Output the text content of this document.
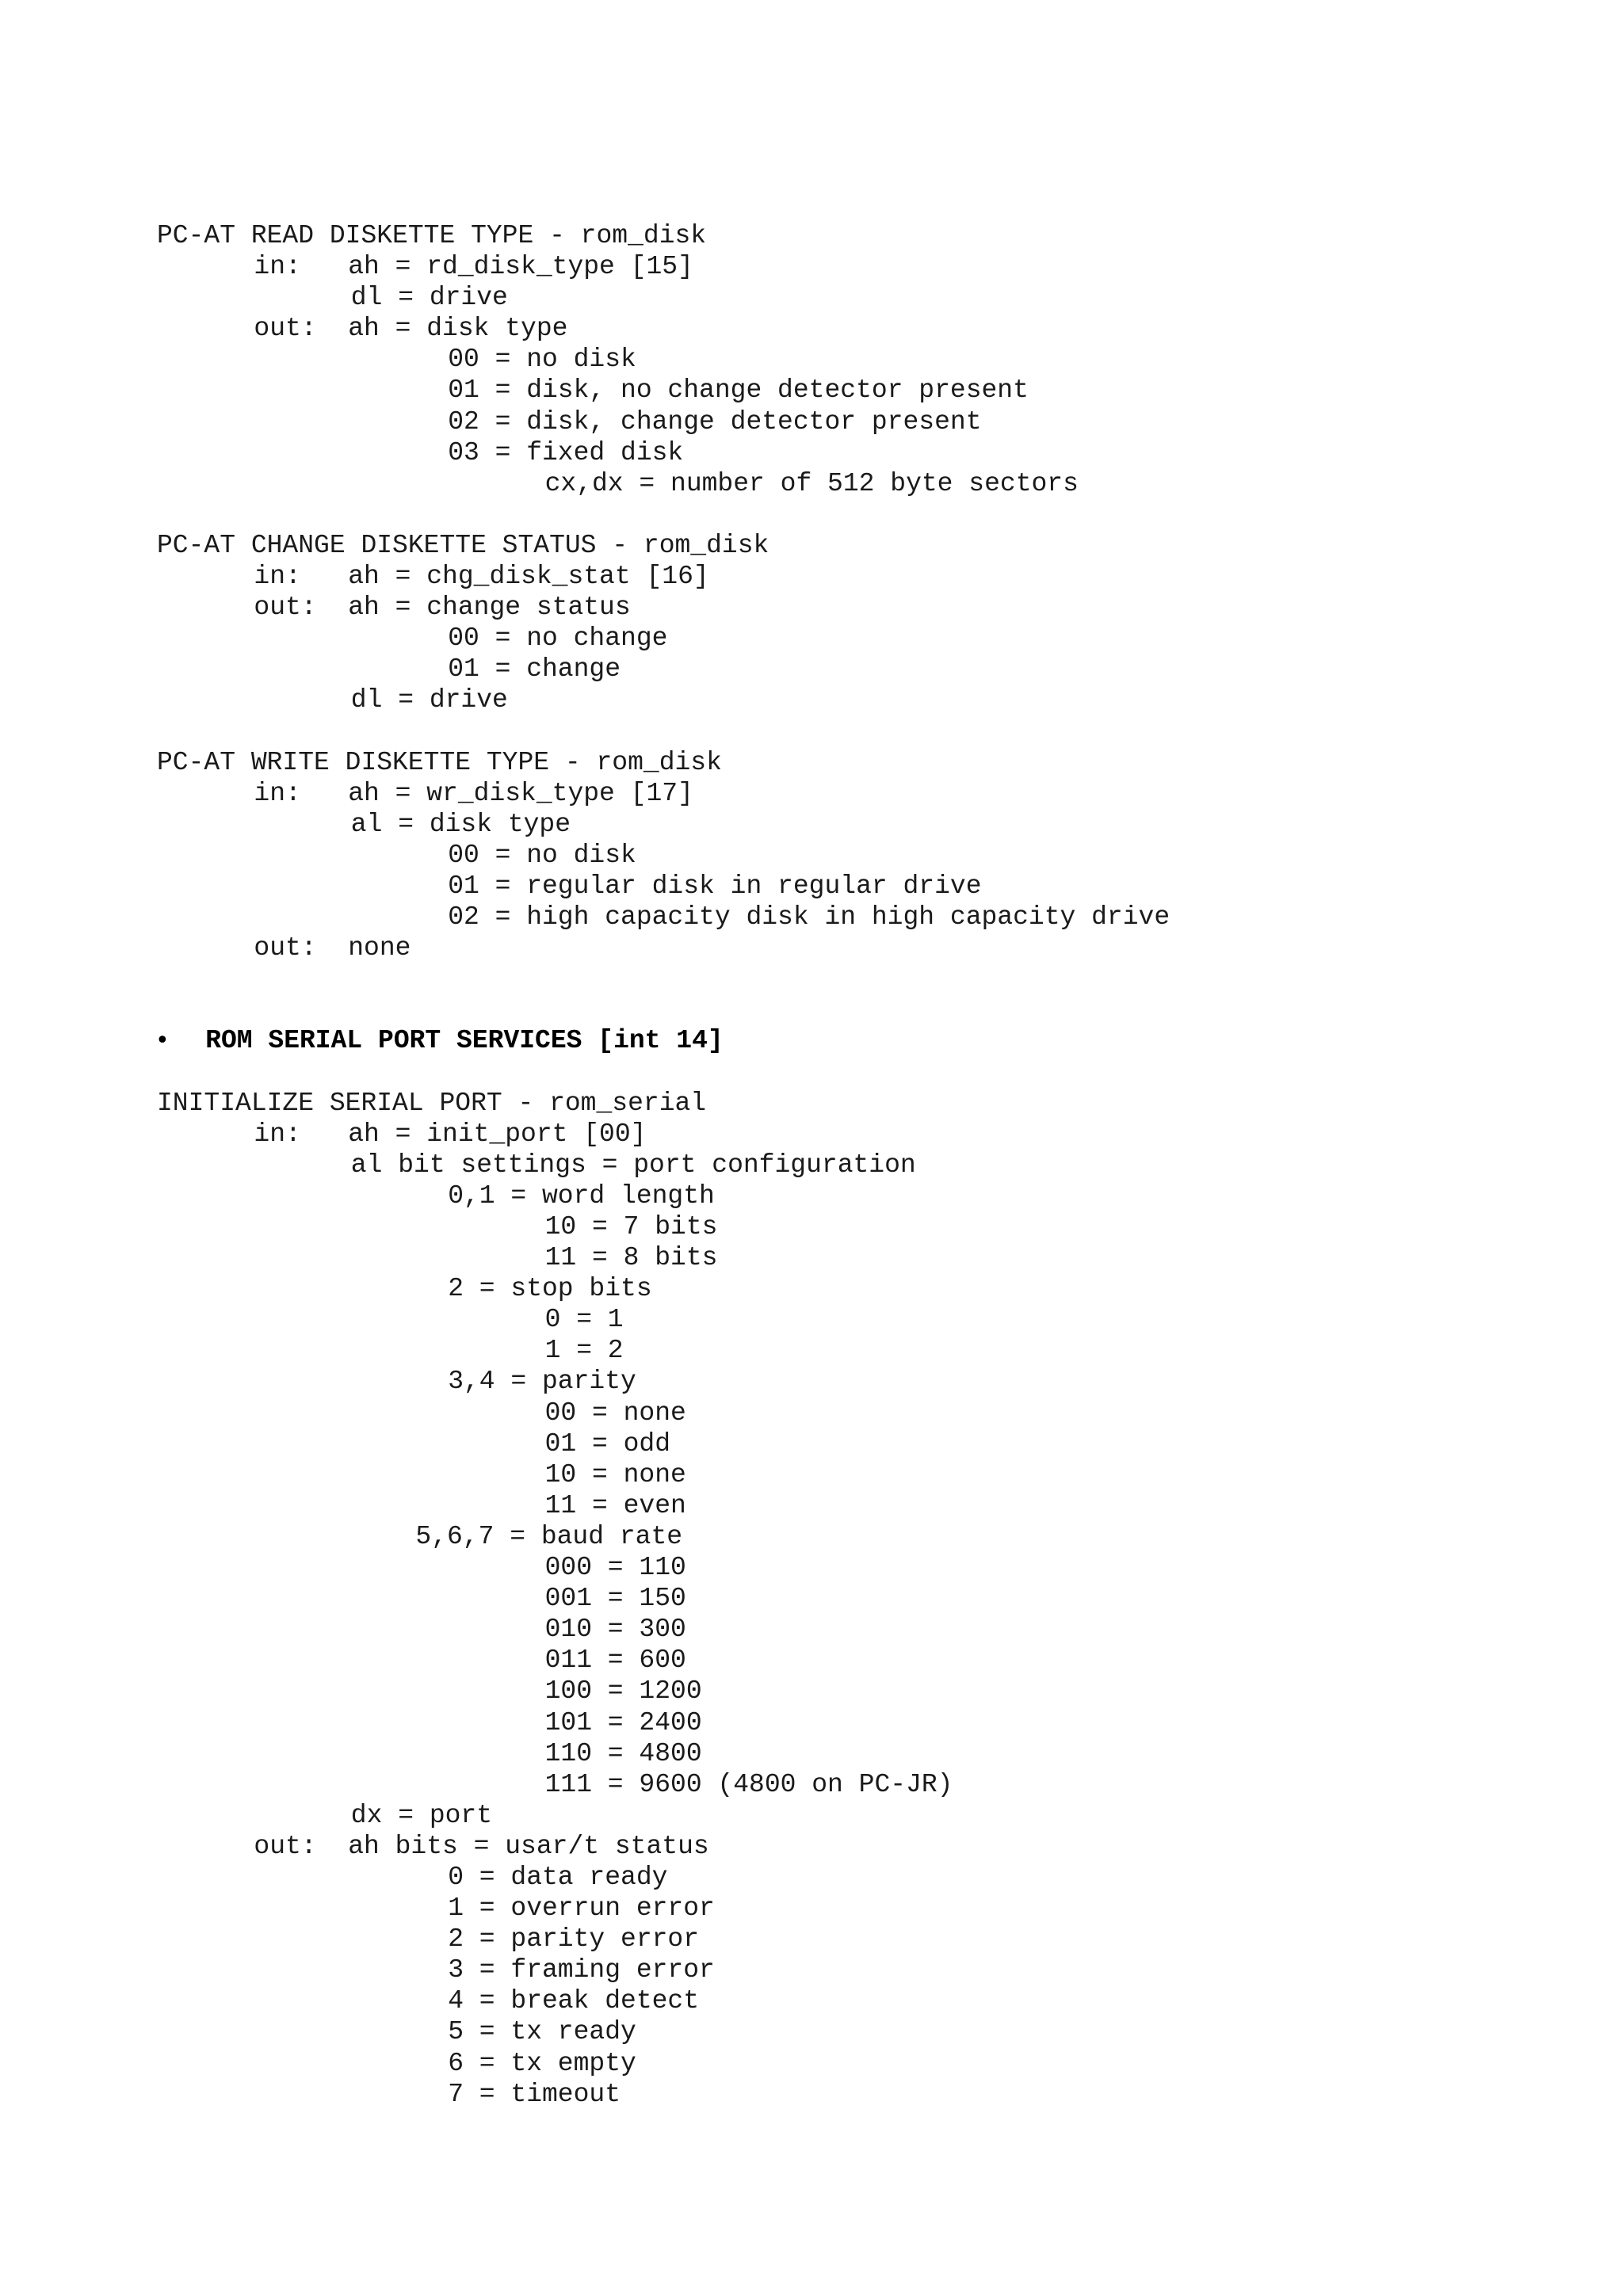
PC-AT READ DISKETTE TYPE - rom_disk
in:   ah = rd_disk_type [15]
dl = drive
out:  ah = disk type
00 = no disk
01 = disk, no change detector present
02 = disk, change detector present
03 = fixed disk
cx,dx = number of 512 byte sectors
PC-AT CHANGE DISKETTE STATUS - rom_disk
in:   ah = chg_disk_stat [16]
out:  ah = change status
00 = no change
01 = change
dl = drive
PC-AT WRITE DISKETTE TYPE - rom_disk
in:   ah = wr_disk_type [17]
al = disk type
00 = no disk
01 = regular disk in regular drive
02 = high capacity disk in high capacity drive
out:  none
• ROM SERIAL PORT SERVICES [int 14]
INITIALIZE SERIAL PORT - rom_serial
in:   ah = init_port [00]
al bit settings = port configuration
0,1 = word length
10 = 7 bits
11 = 8 bits
2 = stop bits
0 = 1
1 = 2
3,4 = parity
00 = none
01 = odd
10 = none
11 = even
5,6,7 = baud rate
000 = 110
001 = 150
010 = 300
011 = 600
100 = 1200
101 = 2400
110 = 4800
111 = 9600 (4800 on PC-JR)
dx = port
out:  ah bits = usar/t status
0 = data ready
1 = overrun error
2 = parity error
3 = framing error
4 = break detect
5 = tx ready
6 = tx empty
7 = timeout
